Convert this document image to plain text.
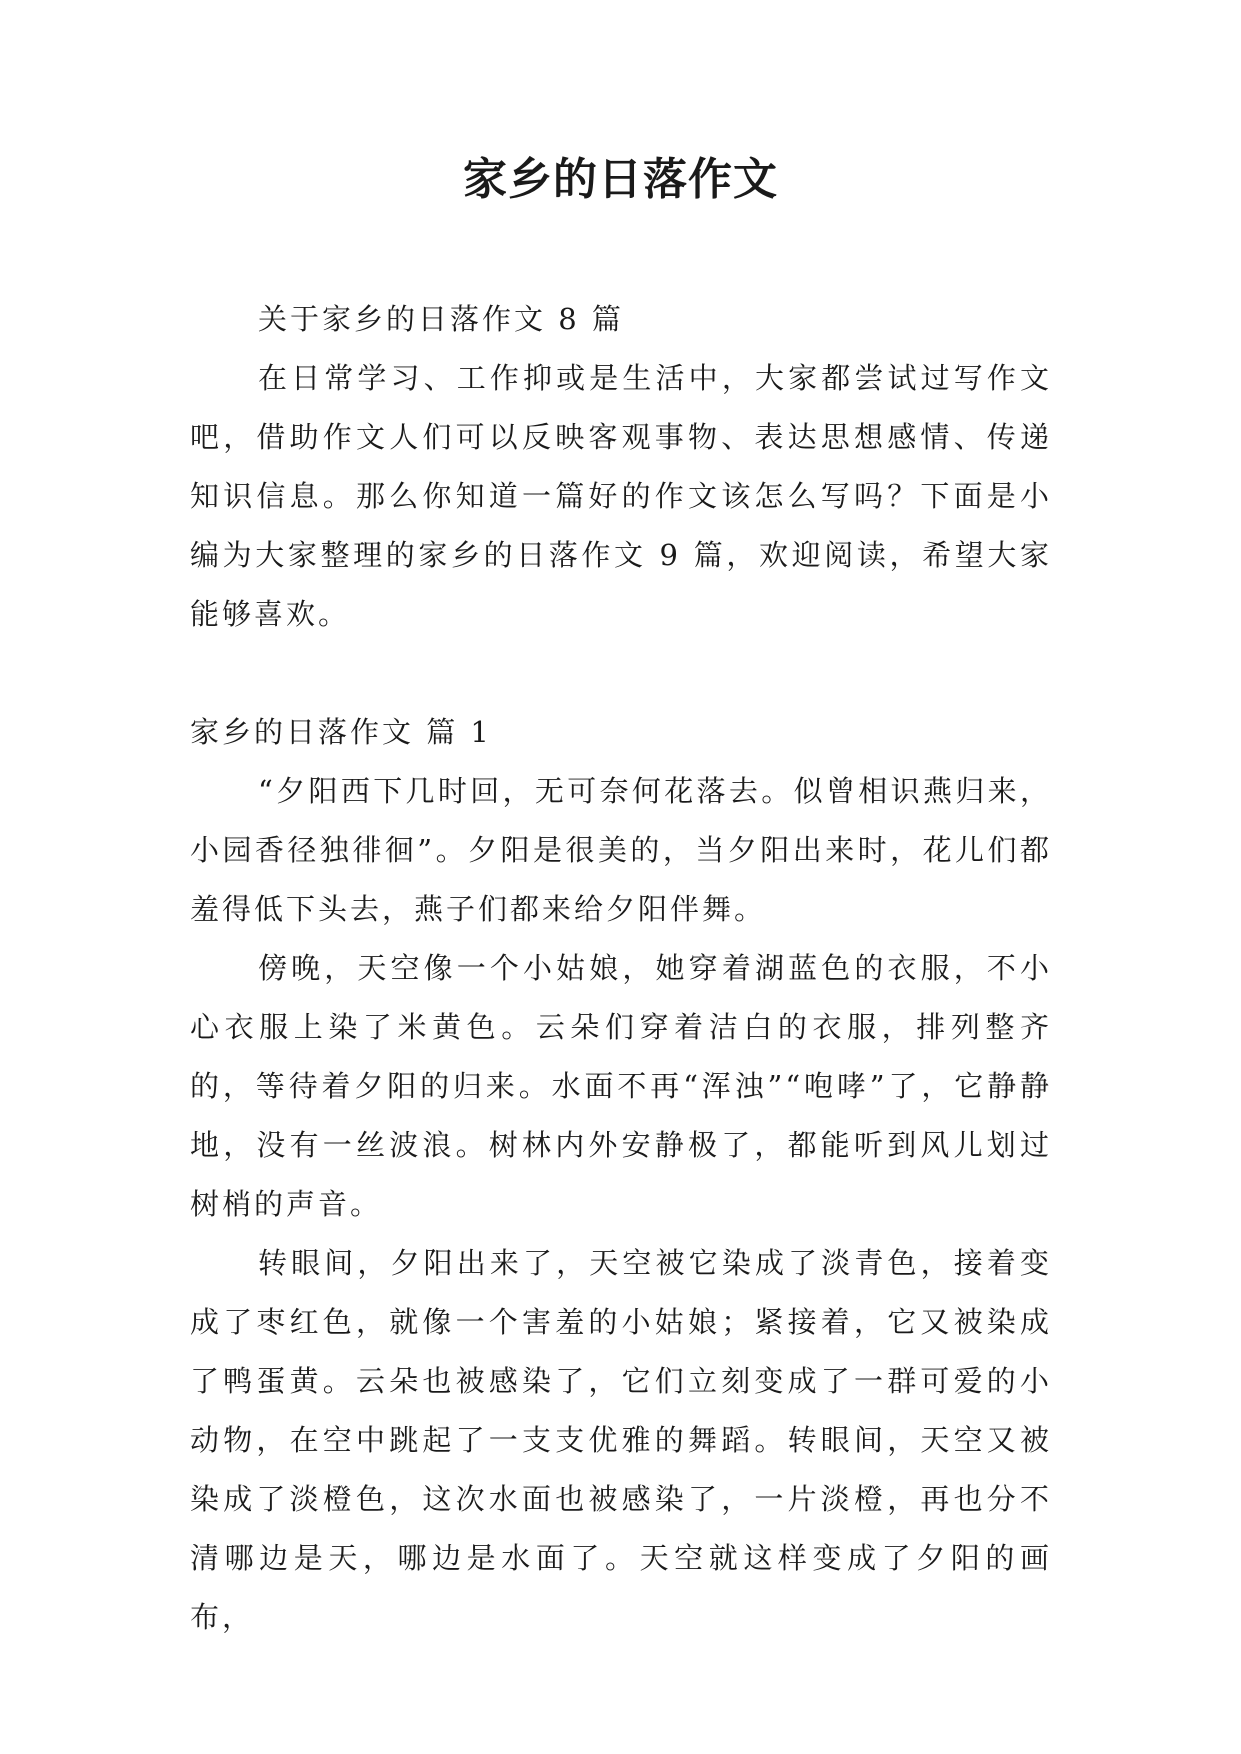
家乡的日落作文

关于家乡的日落作文 8 篇

在日常学习、工作抑或是生活中，大家都尝试过写作文吧，借助作文人们可以反映客观事物、表达思想感情、传递知识信息。那么你知道一篇好的作文该怎么写吗？下面是小编为大家整理的家乡的日落作文 9 篇，欢迎阅读，希望大家能够喜欢。

家乡的日落作文 篇 1

“夕阳西下几时回，无可奈何花落去。似曾相识燕归来，小园香径独徘徊”。夕阳是很美的，当夕阳出来时，花儿们都羞得低下头去，燕子们都来给夕阳伴舞。

傍晚，天空像一个小姑娘，她穿着湖蓝色的衣服，不小心衣服上染了米黄色。云朵们穿着洁白的衣服，排列整齐的，等待着夕阳的归来。水面不再“浑浊”“咆哮”了，它静静地，没有一丝波浪。树林内外安静极了，都能听到风儿划过树梢的声音。

转眼间，夕阳出来了，天空被它染成了淡青色，接着变成了枣红色，就像一个害羞的小姑娘；紧接着，它又被染成了鸭蛋黄。云朵也被感染了，它们立刻变成了一群可爱的小动物，在空中跳起了一支支优雅的舞蹈。转眼间，天空又被染成了淡橙色，这次水面也被感染了，一片淡橙，再也分不清哪边是天，哪边是水面了。天空就这样变成了夕阳的画布，
